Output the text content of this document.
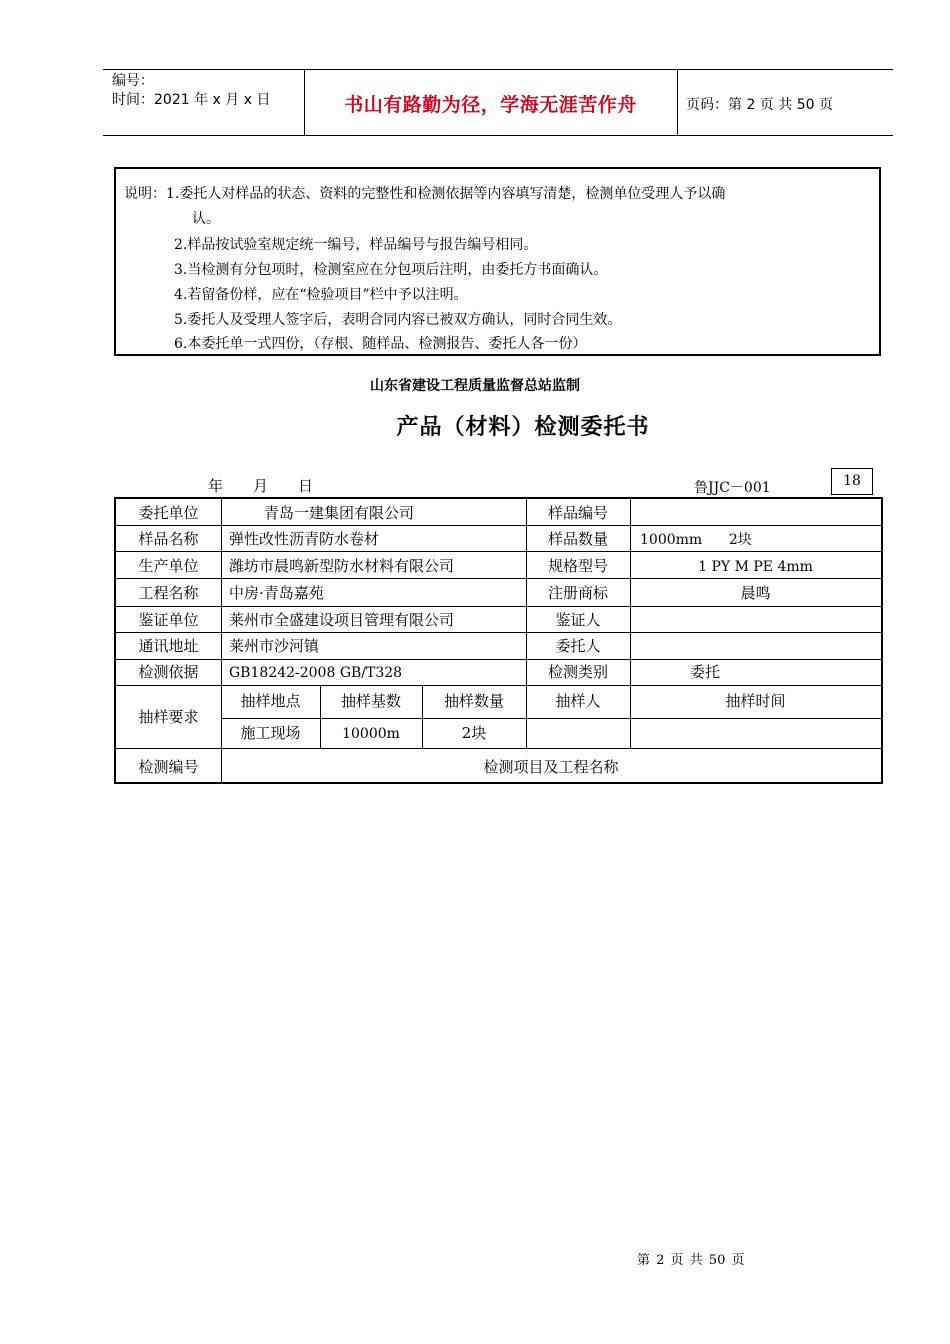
编号：
时间：2021 年 x 月 x 日	书山有路勤为径，学海无涯苦作舟	页码：第 2 页 共 50 页
说明：1.委托人对样品的状态、资料的完整性和检测依据等内容填写清楚，检测单位受理人予以确
认。
2.样品按试验室规定统一编号，样品编号与报告编号相同。
3.当检测有分包项时，检测室应在分包项后注明，由委托方书面确认。
4.若留备份样，应在“检验项目”栏中予以注明。
5.委托人及受理人签字后，表明合同内容已被双方确认，同时合同生效。
6.本委托单一式四份，（存根、随样品、检测报告、委托人各一份）
山东省建设工程质量监督总站监制
产品（材料）检测委托书
年 月 日	鲁JJC－001	18
委托单位	青岛一建集团有限公司	样品编号
样品名称	弹性改性沥青防水卷材	样品数量	1000mm      2块
生产单位	潍坊市晨鸣新型防水材料有限公司	规格型号	1 PY M PE 4mm
工程名称	中房·青岛嘉苑	注册商标	晨鸣
鉴证单位	莱州市全盛建设项目管理有限公司	鉴证人
通讯地址	莱州市沙河镇	委托人
检测依据	GB18242-2008 GB/T328	检测类别	委托
抽样要求
抽样地点	抽样基数	抽样数量	抽样人	抽样时间
施工现场	10000m	2块
检测编号	检测项目及工程名称
第 2 页 共 50 页
